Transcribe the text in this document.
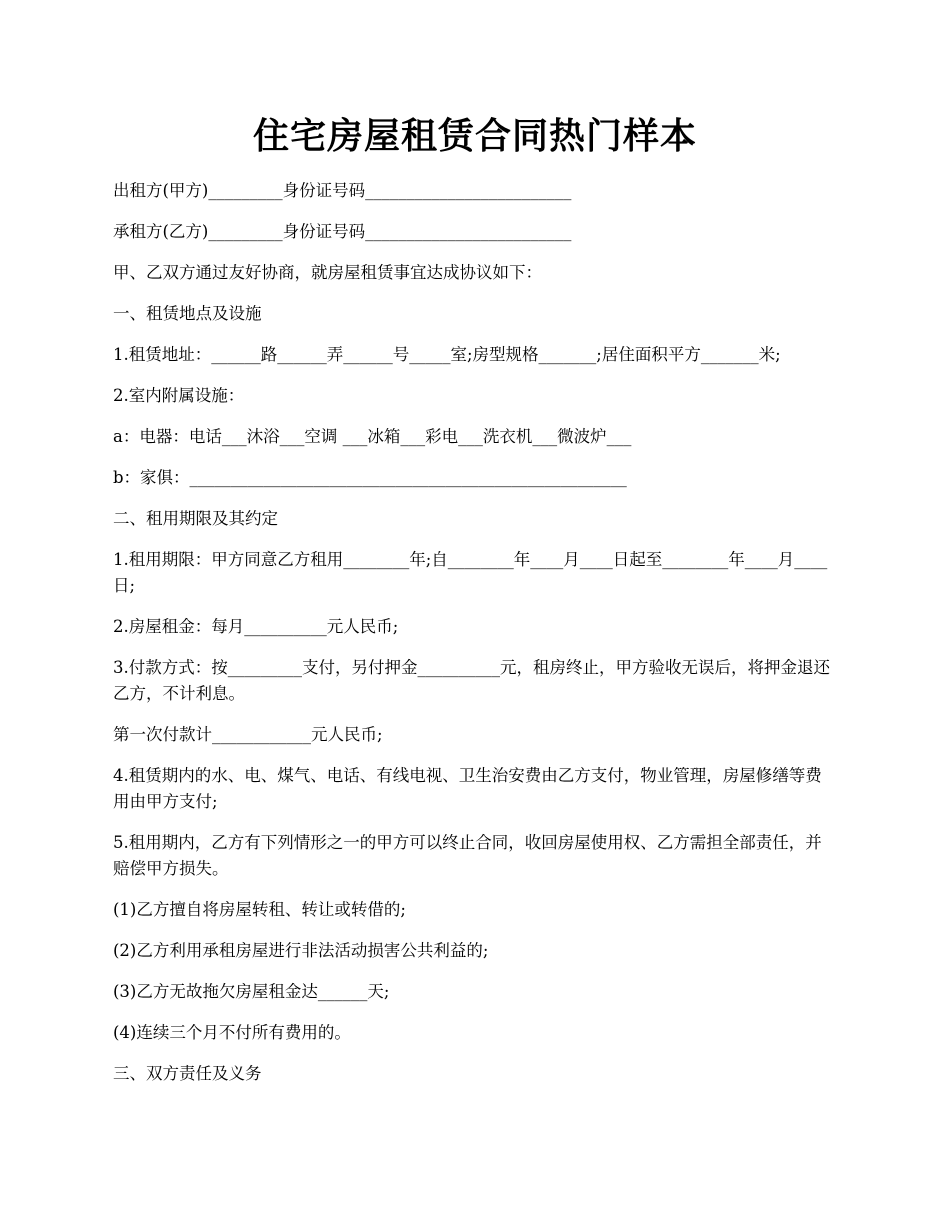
住宅房屋租赁合同热门样本

出租方(甲方)_________身份证号码_________________________

承租方(乙方)_________身份证号码_________________________

甲、乙双方通过友好协商，就房屋租赁事宜达成协议如下：

一、租赁地点及设施

1.租赁地址：______路______弄______号_____室;房型规格_______;居住面积平方_______米;

2.室内附属设施：

a：电器：电话___沐浴___空调 ___冰箱___彩电___洗衣机___微波炉___

b：家俱：_____________________________________________________

二、租用期限及其约定

1.租用期限：甲方同意乙方租用________年;自________年____月____日起至________年____月____日;

2.房屋租金：每月__________元人民币;

3.付款方式：按_________支付，另付押金__________元，租房终止，甲方验收无误后，将押金退还乙方，不计利息。

第一次付款计____________元人民币;

4.租赁期内的水、电、煤气、电话、有线电视、卫生治安费由乙方支付，物业管理，房屋修缮等费用由甲方支付;

5.租用期内，乙方有下列情形之一的甲方可以终止合同，收回房屋使用权、乙方需担全部责任，并赔偿甲方损失。

(1)乙方擅自将房屋转租、转让或转借的;

(2)乙方利用承租房屋进行非法活动损害公共利益的;

(3)乙方无故拖欠房屋租金达______天;

(4)连续三个月不付所有费用的。

三、双方责任及义务
